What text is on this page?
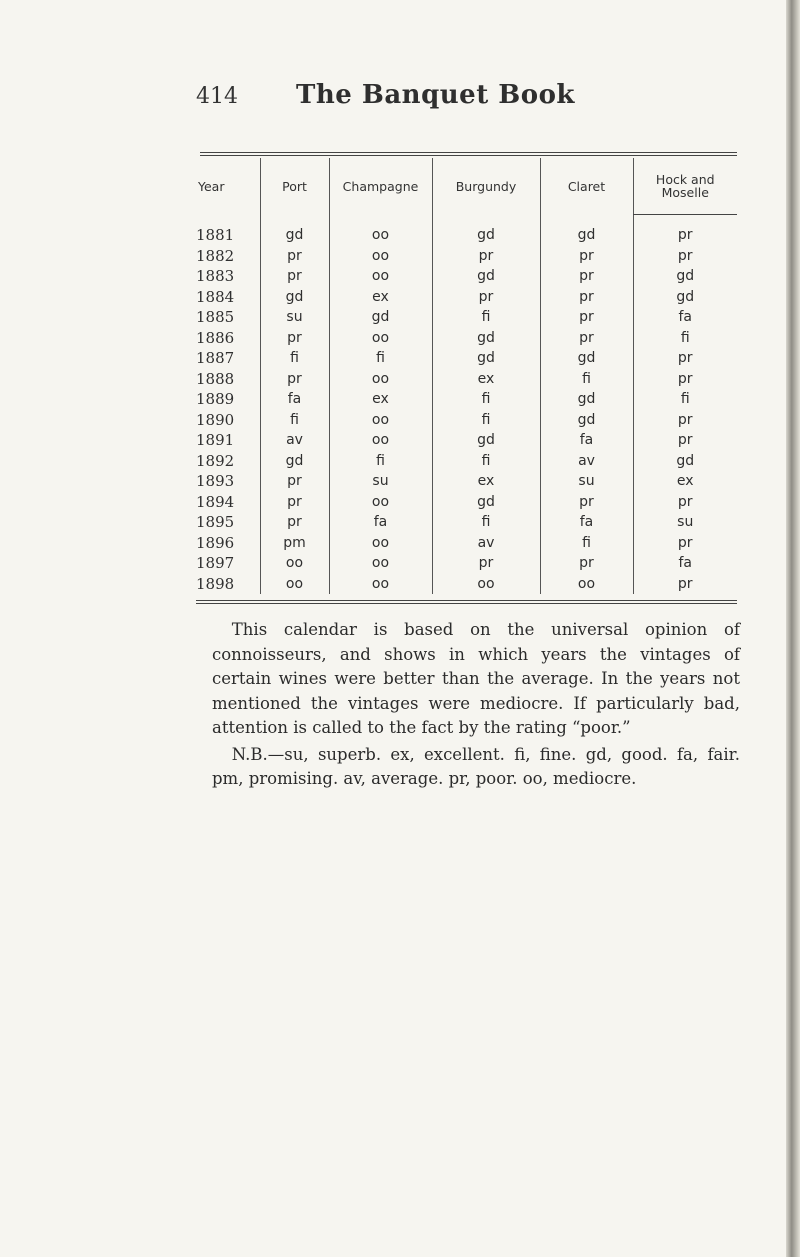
414 The Banquet Book
Year	Port	Champagne	Burgundy	Claret	Hock and
Moselle
1881	gd	oo	gd	gd	pr
1882	pr	oo	pr	pr	pr
1883	pr	oo	gd	pr	gd
1884	gd	ex	pr	pr	gd
1885	su	gd	fi	pr	fa
1886	pr	oo	gd	pr	fi
1887	fi	fi	gd	gd	pr
1888	pr	oo	ex	fi	pr
1889	fa	ex	fi	gd	fi
1890	fi	oo	fi	gd	pr
1891	av	oo	gd	fa	pr
1892	gd	fi	fi	av	gd
1893	pr	su	ex	su	ex
1894	pr	oo	gd	pr	pr
1895	pr	fa	fi	fa	su
1896	pm	oo	av	fi	pr
1897	oo	oo	pr	pr	fa
1898	oo	oo	oo	oo	pr

This calendar is based on the universal opinion of connoisseurs, and shows in which years the vintages of certain wines were better than the average. In the years not mentioned the vintages were mediocre. If particularly bad, attention is called to the fact by the rating “poor.”

N.B.—su, superb. ex, excellent. fi, fine. gd, good. fa, fair. pm, promising. av, average. pr, poor. oo, mediocre.
